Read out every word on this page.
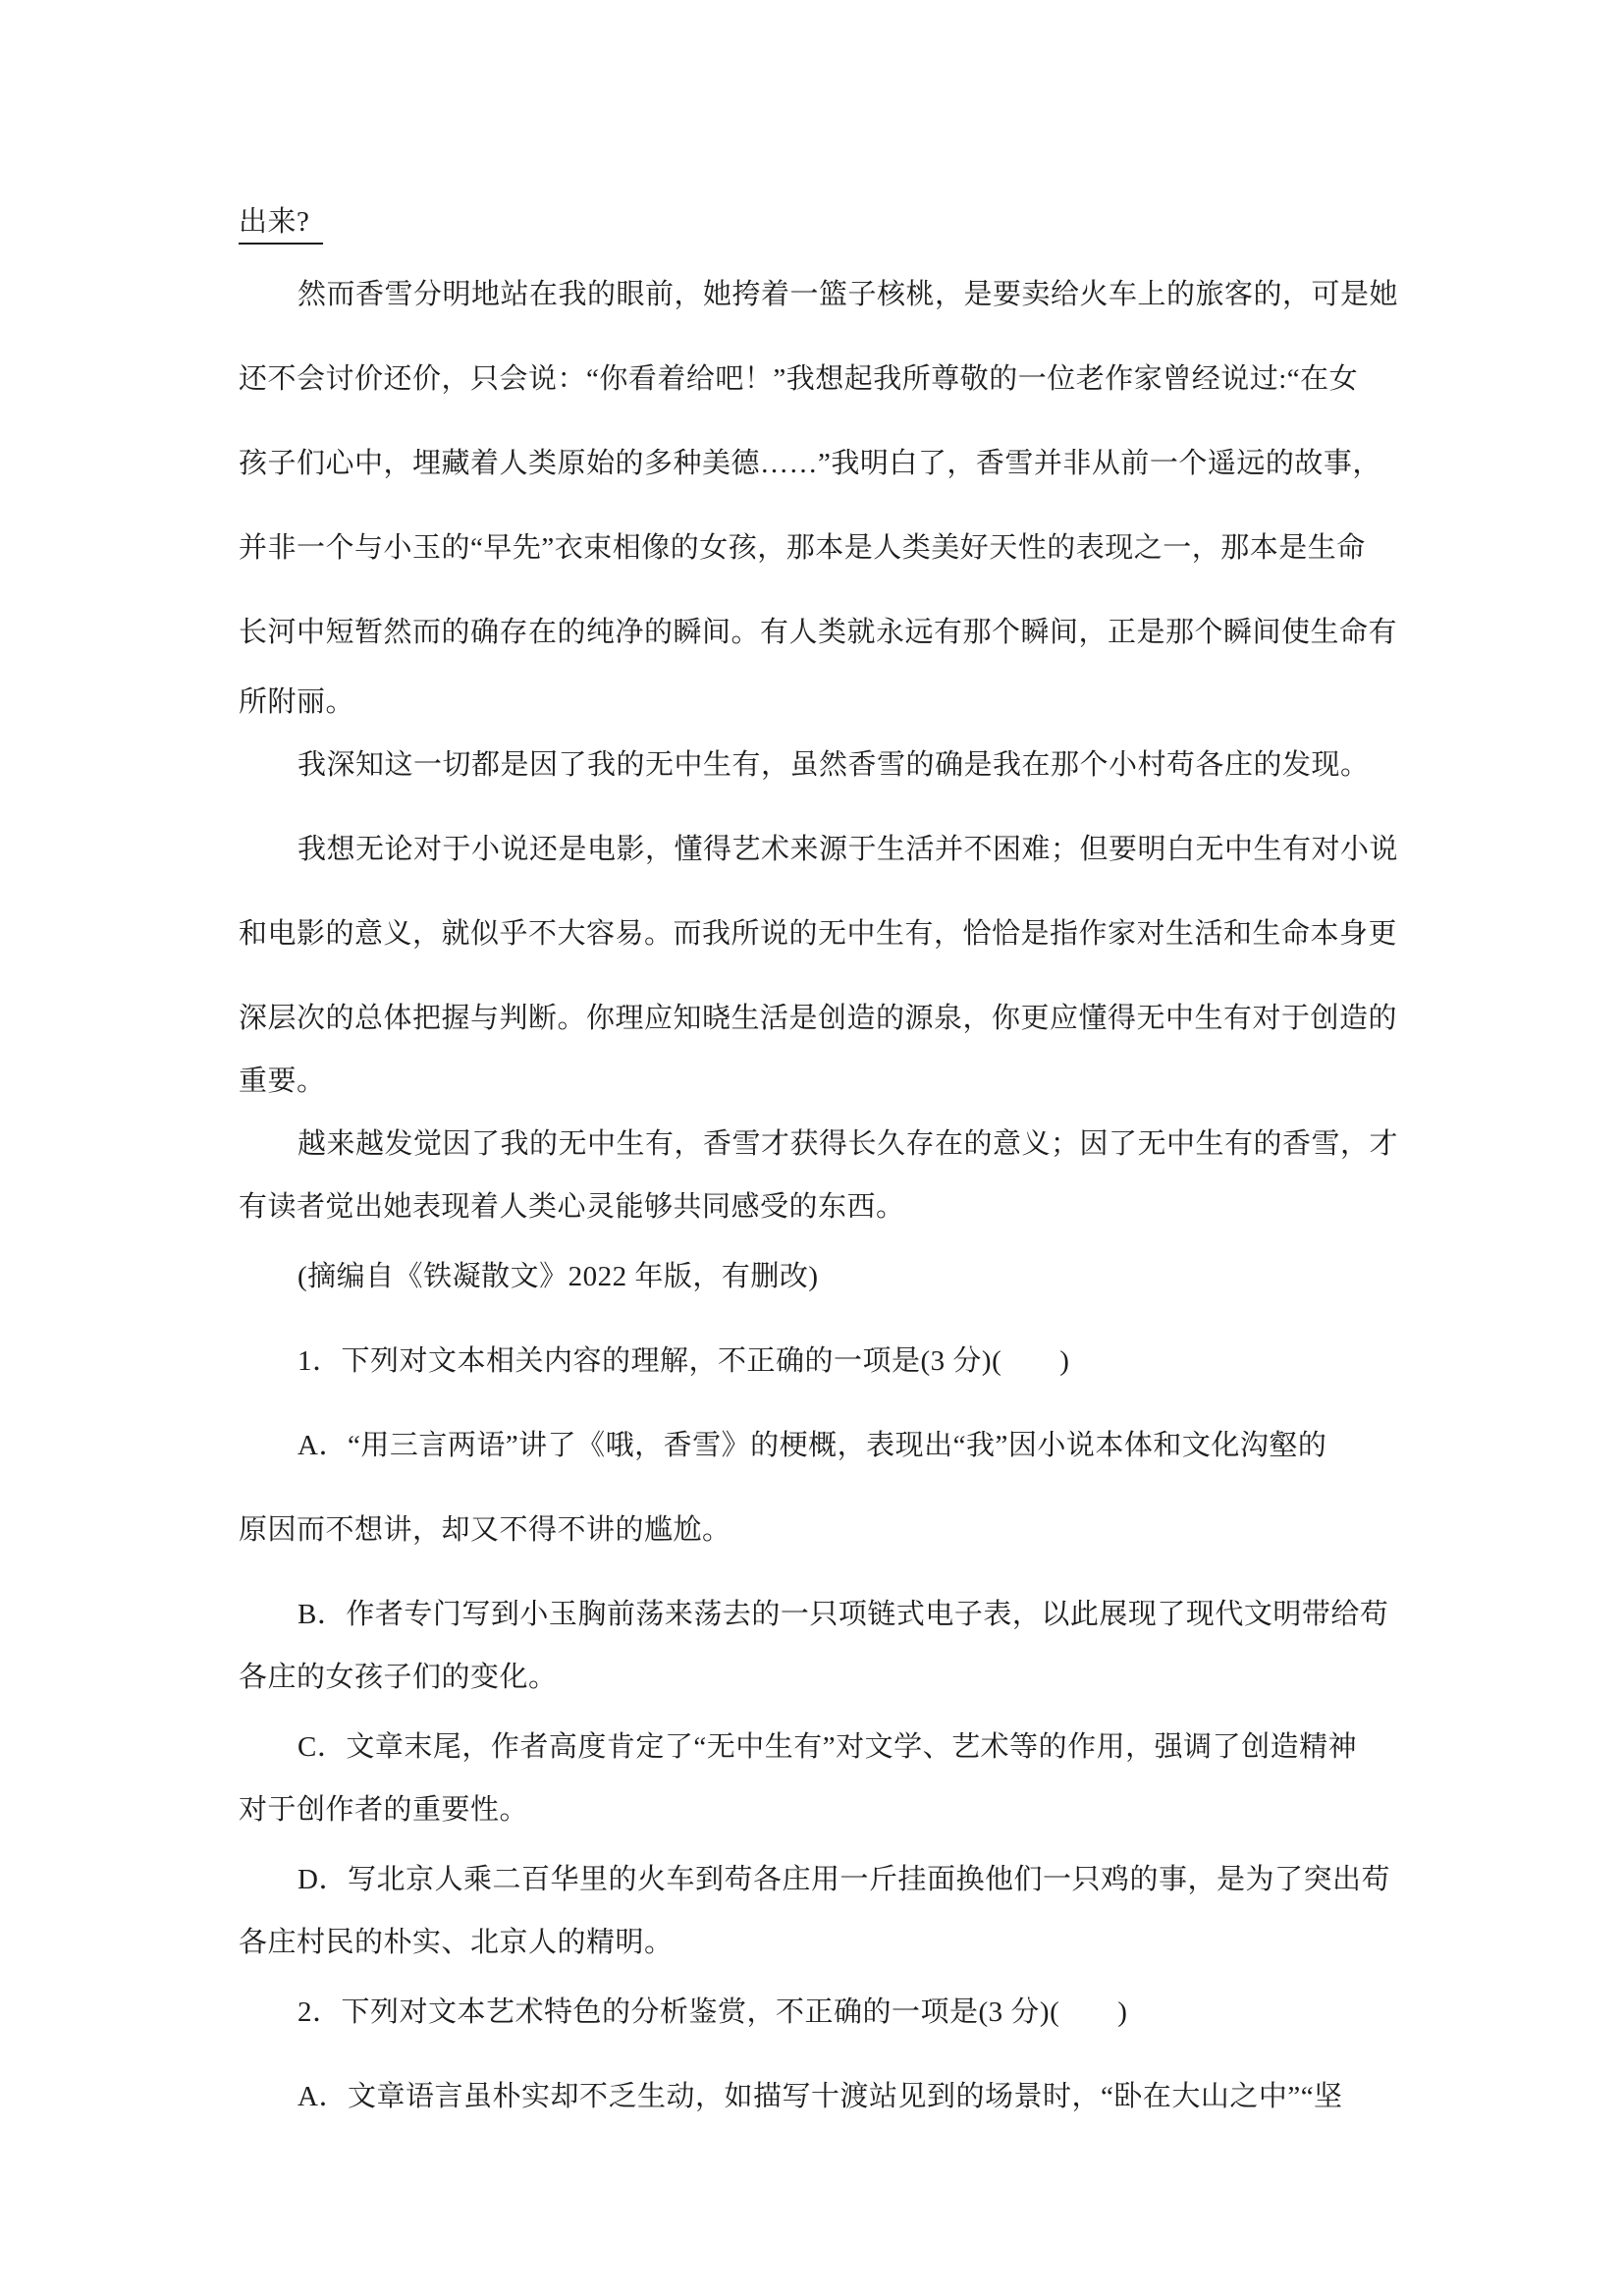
出来?
然而香雪分明地站在我的眼前，她挎着一篮子核桃，是要卖给火车上的旅客的，可是她
还不会讨价还价，只会说：“你看着给吧！”我想起我所尊敬的一位老作家曾经说过:“在女
孩子们心中，埋藏着人类原始的多种美德……”我明白了，香雪并非从前一个遥远的故事，
并非一个与小玉的“早先”衣束相像的女孩，那本是人类美好天性的表现之一，那本是生命
长河中短暂然而的确存在的纯净的瞬间。有人类就永远有那个瞬间，正是那个瞬间使生命有
所附丽。
我深知这一切都是因了我的无中生有，虽然香雪的确是我在那个小村苟各庄的发现。
我想无论对于小说还是电影，懂得艺术来源于生活并不困难；但要明白无中生有对小说
和电影的意义，就似乎不大容易。而我所说的无中生有，恰恰是指作家对生活和生命本身更
深层次的总体把握与判断。你理应知晓生活是创造的源泉，你更应懂得无中生有对于创造的
重要。
越来越发觉因了我的无中生有，香雪才获得长久存在的意义；因了无中生有的香雪，才
有读者觉出她表现着人类心灵能够共同感受的东西。
(摘编自《铁凝散文》2022 年版，有删改)
1．下列对文本相关内容的理解，不正确的一项是(3 分)(　　)
A．“用三言两语”讲了《哦，香雪》的梗概，表现出“我”因小说本体和文化沟壑的
原因而不想讲，却又不得不讲的尴尬。
B．作者专门写到小玉胸前荡来荡去的一只项链式电子表，以此展现了现代文明带给苟
各庄的女孩子们的变化。
C．文章末尾，作者高度肯定了“无中生有”对文学、艺术等的作用，强调了创造精神
对于创作者的重要性。
D．写北京人乘二百华里的火车到苟各庄用一斤挂面换他们一只鸡的事，是为了突出苟
各庄村民的朴实、北京人的精明。
2．下列对文本艺术特色的分析鉴赏，不正确的一项是(3 分)(　　)
A．文章语言虽朴实却不乏生动，如描写十渡站见到的场景时，“卧在大山之中”“坚
